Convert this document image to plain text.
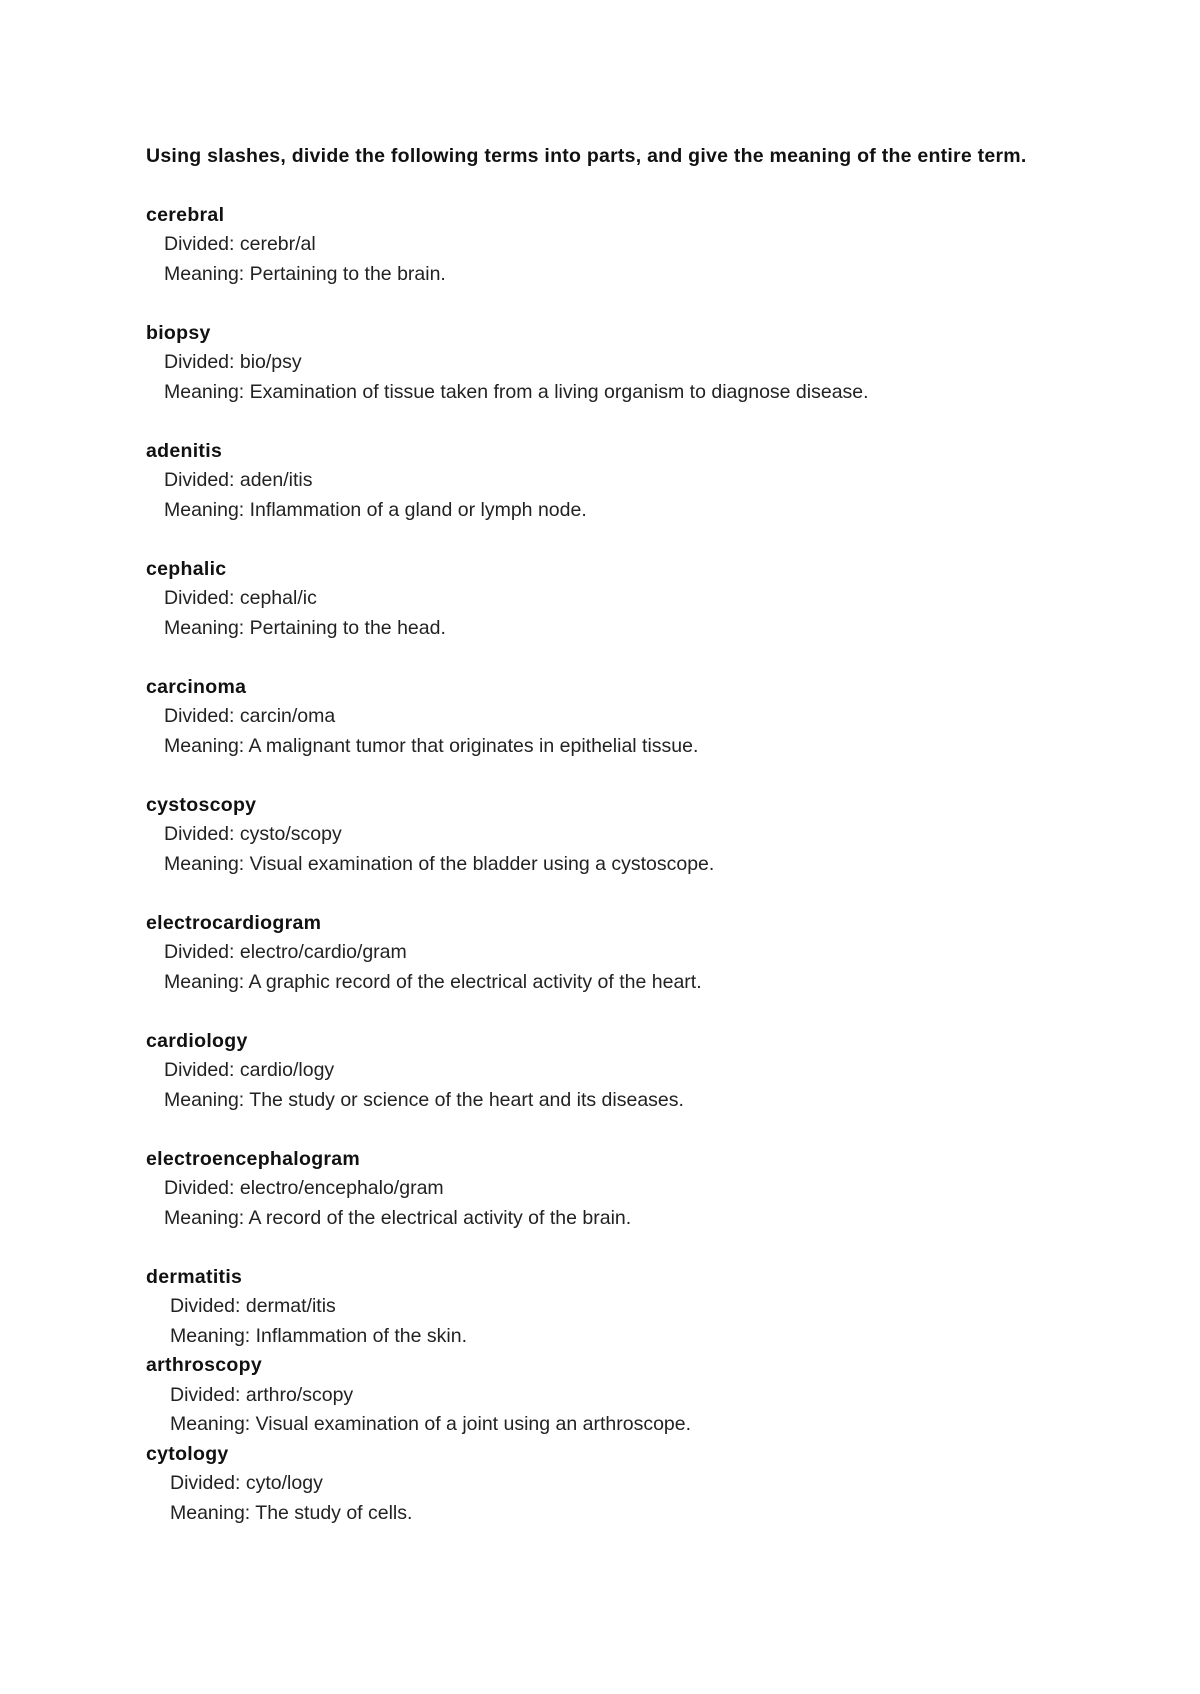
Using slashes, divide the following terms into parts, and give the meaning of the entire term.
cerebral
Divided: cerebr/al
Meaning: Pertaining to the brain.
biopsy
Divided: bio/psy
Meaning: Examination of tissue taken from a living organism to diagnose disease.
adenitis
Divided: aden/itis
Meaning: Inflammation of a gland or lymph node.
cephalic
Divided: cephal/ic
Meaning: Pertaining to the head.
carcinoma
Divided: carcin/oma
Meaning: A malignant tumor that originates in epithelial tissue.
cystoscopy
Divided: cysto/scopy
Meaning: Visual examination of the bladder using a cystoscope.
electrocardiogram
Divided: electro/cardio/gram
Meaning: A graphic record of the electrical activity of the heart.
cardiology
Divided: cardio/logy
Meaning: The study or science of the heart and its diseases.
electroencephalogram
Divided: electro/encephalo/gram
Meaning: A record of the electrical activity of the brain.
dermatitis
Divided: dermat/itis
Meaning: Inflammation of the skin.
arthroscopy
Divided: arthro/scopy
Meaning: Visual examination of a joint using an arthroscope.
cytology
Divided: cyto/logy
Meaning: The study of cells.
